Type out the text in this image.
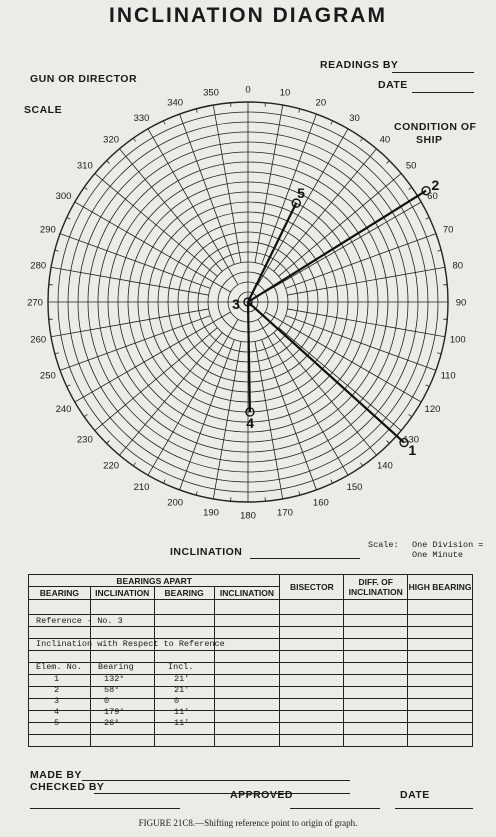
INCLINATION DIAGRAM
GUN OR DIRECTOR
READINGS BY
DATE
SCALE
CONDITION OF
SHIP
0	10
20
30
40
50
60
70
80
90
100
110
120
130
140
150
160
170
180
190
200
210
220
230
240
250
260
270
280
290
300
310
320
330
340
350
1
2
3
4
5
INCLINATION
Scale: One Division =
One Minute
BEARINGS APART				BISECTOR	DIFF. OF INCLINATION	HIGH BEARING
BEARING	INCLINATION	BEARING	INCLINATION			

Reference - No. 3
Inclination with Respect to Reference
Elem. No. Bearing	Incl.
1	132°	21'
2	58°	21'
3	0	0
4	179°	11'
5	26°	11'
MADE BY
CHECKED BY
APPROVED	DATE
FIGURE 21C8.—Shifting reference point to origin of graph.
